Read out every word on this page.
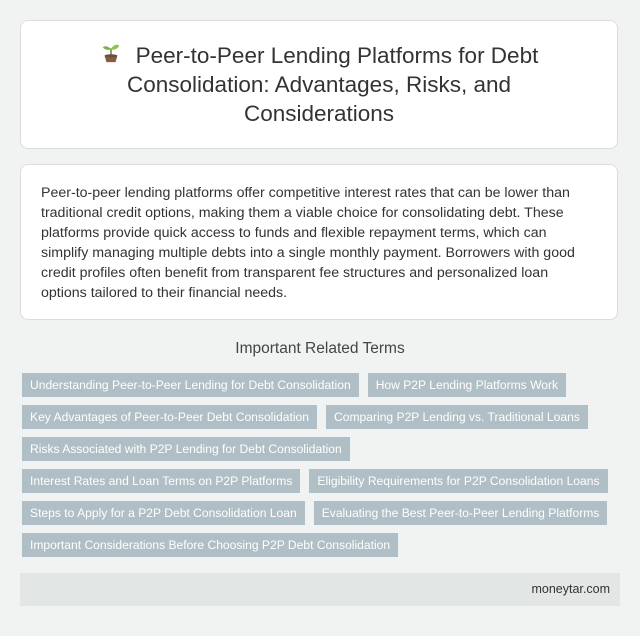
Peer-to-Peer Lending Platforms for Debt Consolidation: Advantages, Risks, and Considerations

Peer-to-peer lending platforms offer competitive interest rates that can be lower than traditional credit options, making them a viable choice for consolidating debt. These platforms provide quick access to funds and flexible repayment terms, which can simplify managing multiple debts into a single monthly payment. Borrowers with good credit profiles often benefit from transparent fee structures and personalized loan options tailored to their financial needs.

Important Related Terms
Understanding Peer-to-Peer Lending for Debt Consolidation	How P2P Lending Platforms Work
Key Advantages of Peer-to-Peer Debt Consolidation	Comparing P2P Lending vs. Traditional Loans
Risks Associated with P2P Lending for Debt Consolidation
Interest Rates and Loan Terms on P2P Platforms	Eligibility Requirements for P2P Consolidation Loans
Steps to Apply for a P2P Debt Consolidation Loan	Evaluating the Best Peer-to-Peer Lending Platforms
Important Considerations Before Choosing P2P Debt Consolidation
moneytar.com
